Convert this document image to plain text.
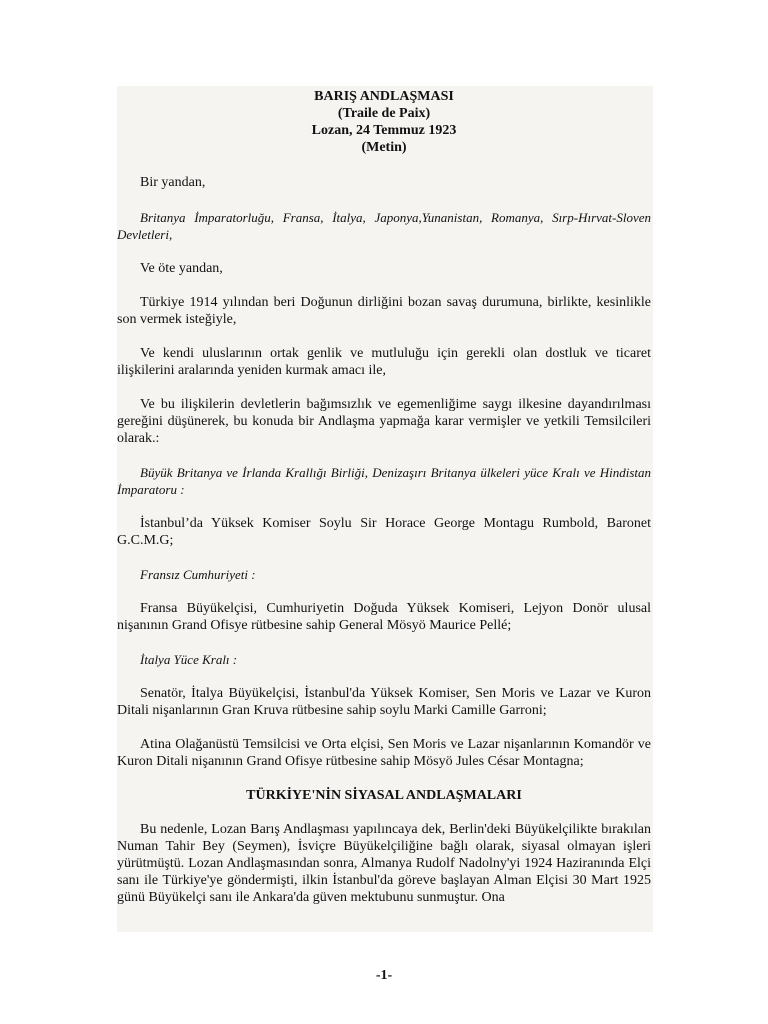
BARIŞ ANDLAŞMASI
(Traile de Paix)
Lozan, 24 Temmuz 1923
(Metin)

Bir yandan,

Britanya İmparatorluğu, Fransa, İtalya, Japonya,Yunanistan, Romanya, Sırp-Hırvat-Sloven Devletleri,

Ve öte yandan,

Türkiye 1914 yılından beri Doğunun dirliğini bozan savaş durumuna, birlikte, kesinlikle son vermek isteğiyle,

Ve kendi uluslarının ortak genlik ve mutluluğu için gerekli olan dostluk ve ticaret ilişkilerini aralarında yeniden kurmak amacı ile,

Ve bu ilişkilerin devletlerin bağımsızlık ve egemenliğime saygı ilkesine dayandırılması gereğini düşünerek, bu konuda bir Andlaşma yapmağa karar vermişler ve yetkili Temsilcileri olarak.:

Büyük Britanya ve İrlanda Krallığı Birliği, Denizaşırı Britanya ülkeleri yüce Kralı ve Hindistan İmparatoru :

İstanbul’da Yüksek Komiser Soylu Sir Horace George Montagu Rumbold, Baronet G.C.M.G;

Fransız Cumhuriyeti :

Fransa Büyükelçisi, Cumhuriyetin Doğuda Yüksek Komiseri, Lejyon Donör ulusal nişanının Grand Ofisye rütbesine sahip General Mösyö Maurice Pellé;

İtalya Yüce Kralı :

Senatör, İtalya Büyükelçisi, İstanbul'da Yüksek Komiser, Sen Moris ve Lazar ve Kuron Ditali nişanlarının Gran Kruva rütbesine sahip soylu Marki Camille Garroni;

Atina Olağanüstü Temsilcisi ve Orta elçisi, Sen Moris ve Lazar nişanlarının Komandör ve Kuron Ditali nişanının Grand Ofisye rütbesine sahip Mösyö Jules César Montagna;

TÜRKİYE'NİN SİYASAL ANDLAŞMALARI

Bu nedenle, Lozan Barış Andlaşması yapılıncaya dek, Berlin'deki Büyükelçilikte bırakılan Numan Tahir Bey (Seymen), İsviçre Büyükelçiliğine bağlı olarak, siyasal olmayan işleri yürütmüştü. Lozan Andlaşmasından sonra, Almanya Rudolf Nadolny'yi 1924 Haziranında Elçi sanı ile Türkiye'ye göndermişti, ilkin İstanbul'da göreve başlayan Alman Elçisi 30 Mart 1925 günü Büyükelçi sanı ile Ankara'da güven mektubunu sunmuştur. Ona

-1-
